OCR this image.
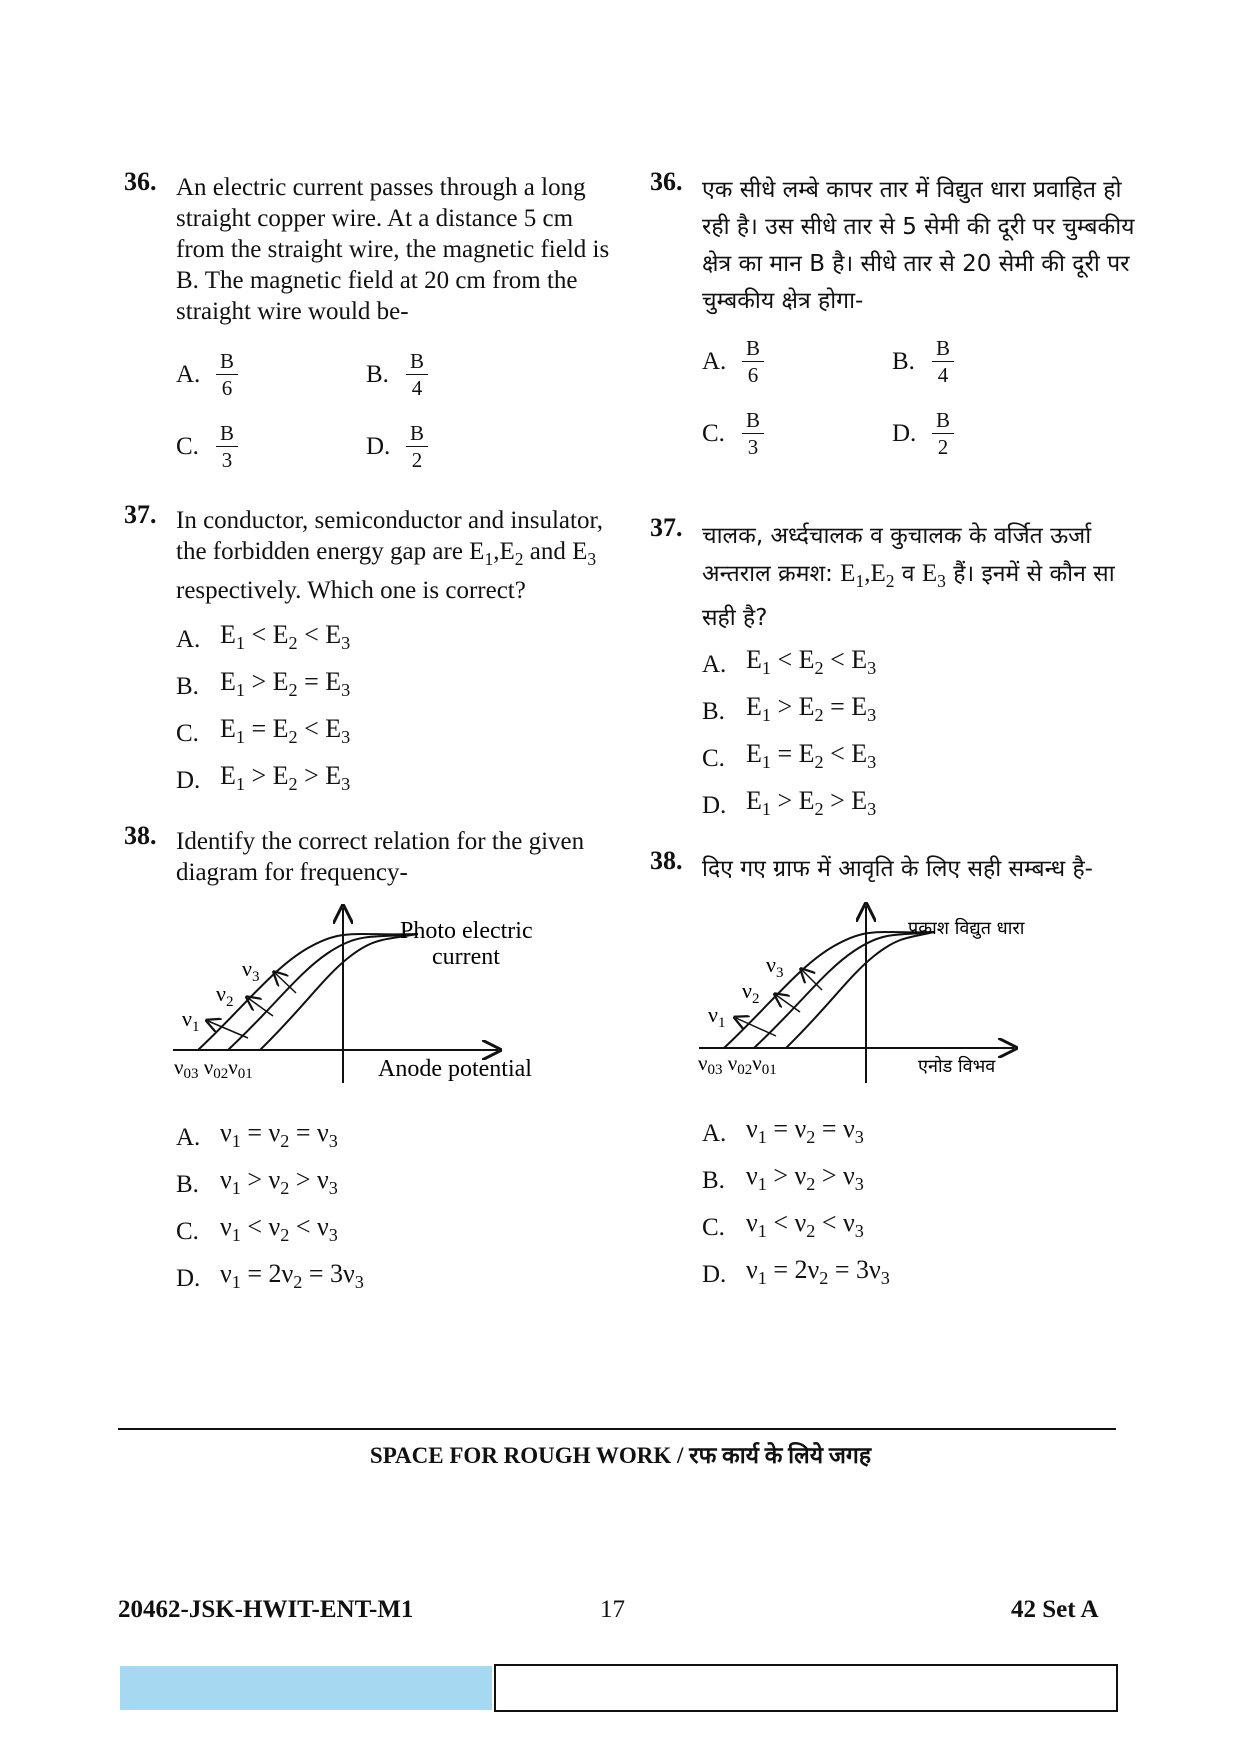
36. An electric current passes through a long straight copper wire. At a distance 5 cm from the straight wire, the magnetic field is B. The magnetic field at 20 cm from the straight wire would be-
A. $\frac{B}{6}$	B. $\frac{B}{4}$
C. $\frac{B}{3}$	D. $\frac{B}{2}$
37. In conductor, semiconductor and insulator, the forbidden energy gap are $E_1,E_2$ and $E_3$ respectively. Which one is correct?
A. $E_1 < E_2 < E_3$
B. $E_1 > E_2 = E_3$
C. $E_1 = E_2 < E_3$
D. $E_1 > E_2 > E_3$
38. Identify the correct relation for the given diagram for frequency-
$\nu_1$
$\nu_2$
$\nu_3$
ν03 ν02ν01
Photo electric
current
Anode potential
A. $\nu_1 = \nu_2 = \nu_3$
B. $\nu_1 > \nu_2 > \nu_3$
C. $\nu_1 < \nu_2 < \nu_3$
D. $\nu_1 = 2\nu_2 = 3\nu_3$
36. एक सीधे लम्बे कापर तार में विद्युत धारा प्रवाहित हो रही है। उस सीधे तार से 5 सेमी की दूरी पर चुम्बकीय क्षेत्र का मान B है। सीधे तार से 20 सेमी की दूरी पर चुम्बकीय क्षेत्र होगा-
A. $\frac{B}{6}$	B. $\frac{B}{4}$
C. $\frac{B}{3}$	D. $\frac{B}{2}$
37. चालक, अर्ध्दचालक व कुचालक के वर्जित ऊर्जा अन्तराल क्रमश: $E_1,E_2$ व $E_3$ हैं। इनमें से कौन सा सही है?
A. $E_1 < E_2 < E_3$
B. $E_1 > E_2 = E_3$
C. $E_1 = E_2 < E_3$
D. $E_1 > E_2 > E_3$
38. दिए गए ग्राफ में आवृति के लिए सही सम्बन्ध है-
$\nu_1$
$\nu_2$
$\nu_3$
ν03 ν02ν01
प्रकाश विद्युत धारा
एनोड विभव
A. $\nu_1 = \nu_2 = \nu_3$
B. $\nu_1 > \nu_2 > \nu_3$
C. $\nu_1 < \nu_2 < \nu_3$
D. $\nu_1 = 2\nu_2 = 3\nu_3$
SPACE FOR ROUGH WORK / रफ कार्य के लिये जगह
20462-JSK-HWIT-ENT-M1	17	42 Set A
